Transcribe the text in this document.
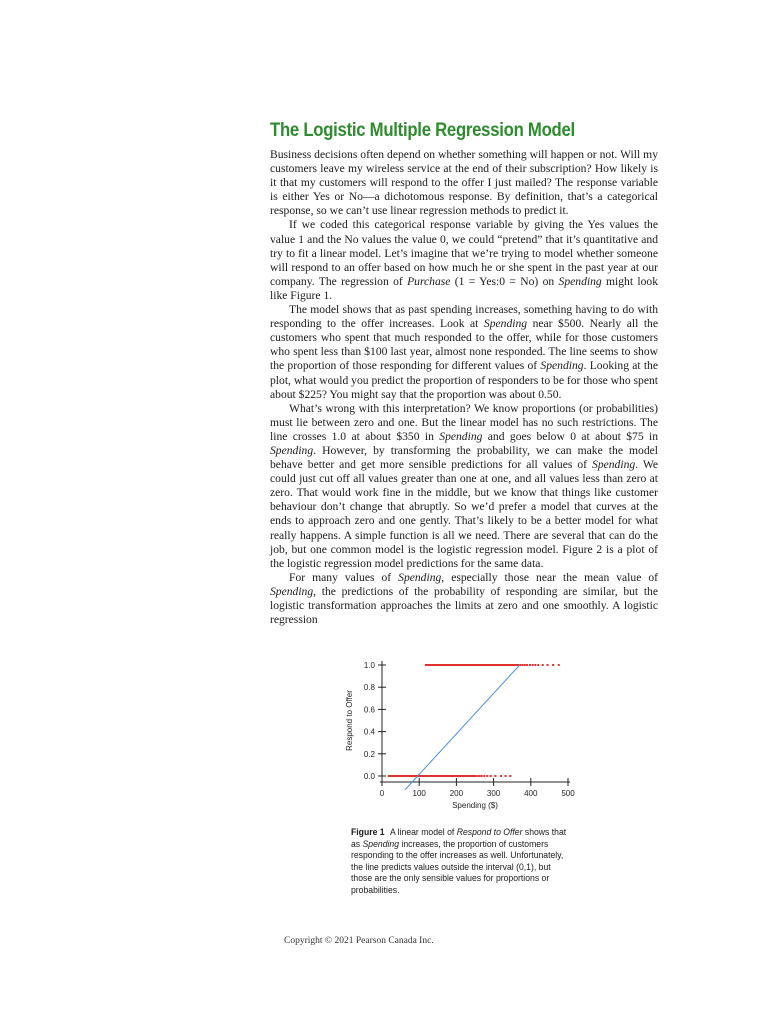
The Logistic Multiple Regression Model

Business decisions often depend on whether something will happen or not. Will my customers leave my wireless service at the end of their subscription? How likely is it that my customers will respond to the offer I just mailed? The response variable is either Yes or No—a dichotomous response. By definition, that’s a categorical response, so we can’t use linear regression methods to predict it.

If we coded this categorical response variable by giving the Yes values the value 1 and the No values the value 0, we could “pretend” that it’s quantitative and try to fit a linear model. Let’s imagine that we’re trying to model whether someone will respond to an offer based on how much he or she spent in the past year at our company. The regression of Purchase (1 = Yes:0 = No) on Spending might look like Figure 1.

The model shows that as past spending increases, something having to do with responding to the offer increases. Look at Spending near $500. Nearly all the customers who spent that much responded to the offer, while for those customers who spent less than $100 last year, almost none responded. The line seems to show the proportion of those responding for different values of Spending. Looking at the plot, what would you predict the proportion of responders to be for those who spent about $225? You might say that the proportion was about 0.50.

What’s wrong with this interpretation? We know proportions (or probabilities) must lie between zero and one. But the linear model has no such restrictions. The line crosses 1.0 at about $350 in Spending and goes below 0 at about $75 in Spending. However, by transforming the probability, we can make the model behave better and get more sensible predictions for all values of Spending. We could just cut off all values greater than one at one, and all values less than zero at zero. That would work fine in the middle, but we know that things like customer behaviour don’t change that abruptly. So we’d prefer a model that curves at the ends to approach zero and one gently. That’s likely to be a better model for what really happens. A simple function is all we need. There are several that can do the job, but one common model is the logistic regression model. Figure 2 is a plot of the logistic regression model predictions for the same data.

For many values of Spending, especially those near the mean value of Spending, the predictions of the probability of responding are similar, but the logistic transformation approaches the limits at zero and one smoothly. A logistic regression

0.0
0.2
0.4
0.6
0.8
1.0
0	100	200	300	400	500
Spending ($)
Respond to Offer
Figure 1 A linear model of Respond to Offer shows that as Spending increases, the proportion of customers responding to the offer increases as well. Unfortunately, the line predicts values outside the interval (0,1), but those are the only sensible values for proportions or probabilities.
Copyright © 2021 Pearson Canada Inc.
